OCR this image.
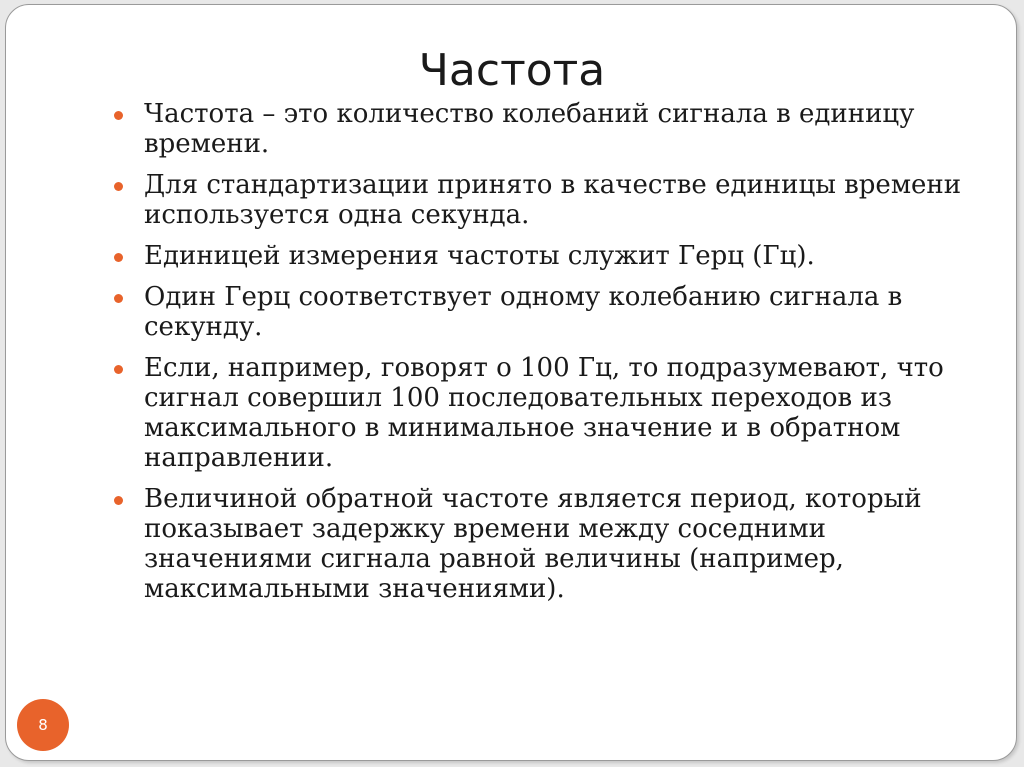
Частота
Частота – это количество колебаний сигнала в единицу времени.
Для стандартизации принято в качестве единицы времени используется одна секунда.
Единицей измерения частоты служит Герц (Гц).
Один Герц соответствует одному колебанию сигнала в секунду.
Если, например, говорят о 100 Гц, то подразумевают, что сигнал совершил 100 последовательных переходов из максимального в минимальное значение и в обратном направлении.
Величиной обратной частоте является период, который показывает задержку времени между соседними значениями сигнала равной величины (например, максимальными значениями).
8
